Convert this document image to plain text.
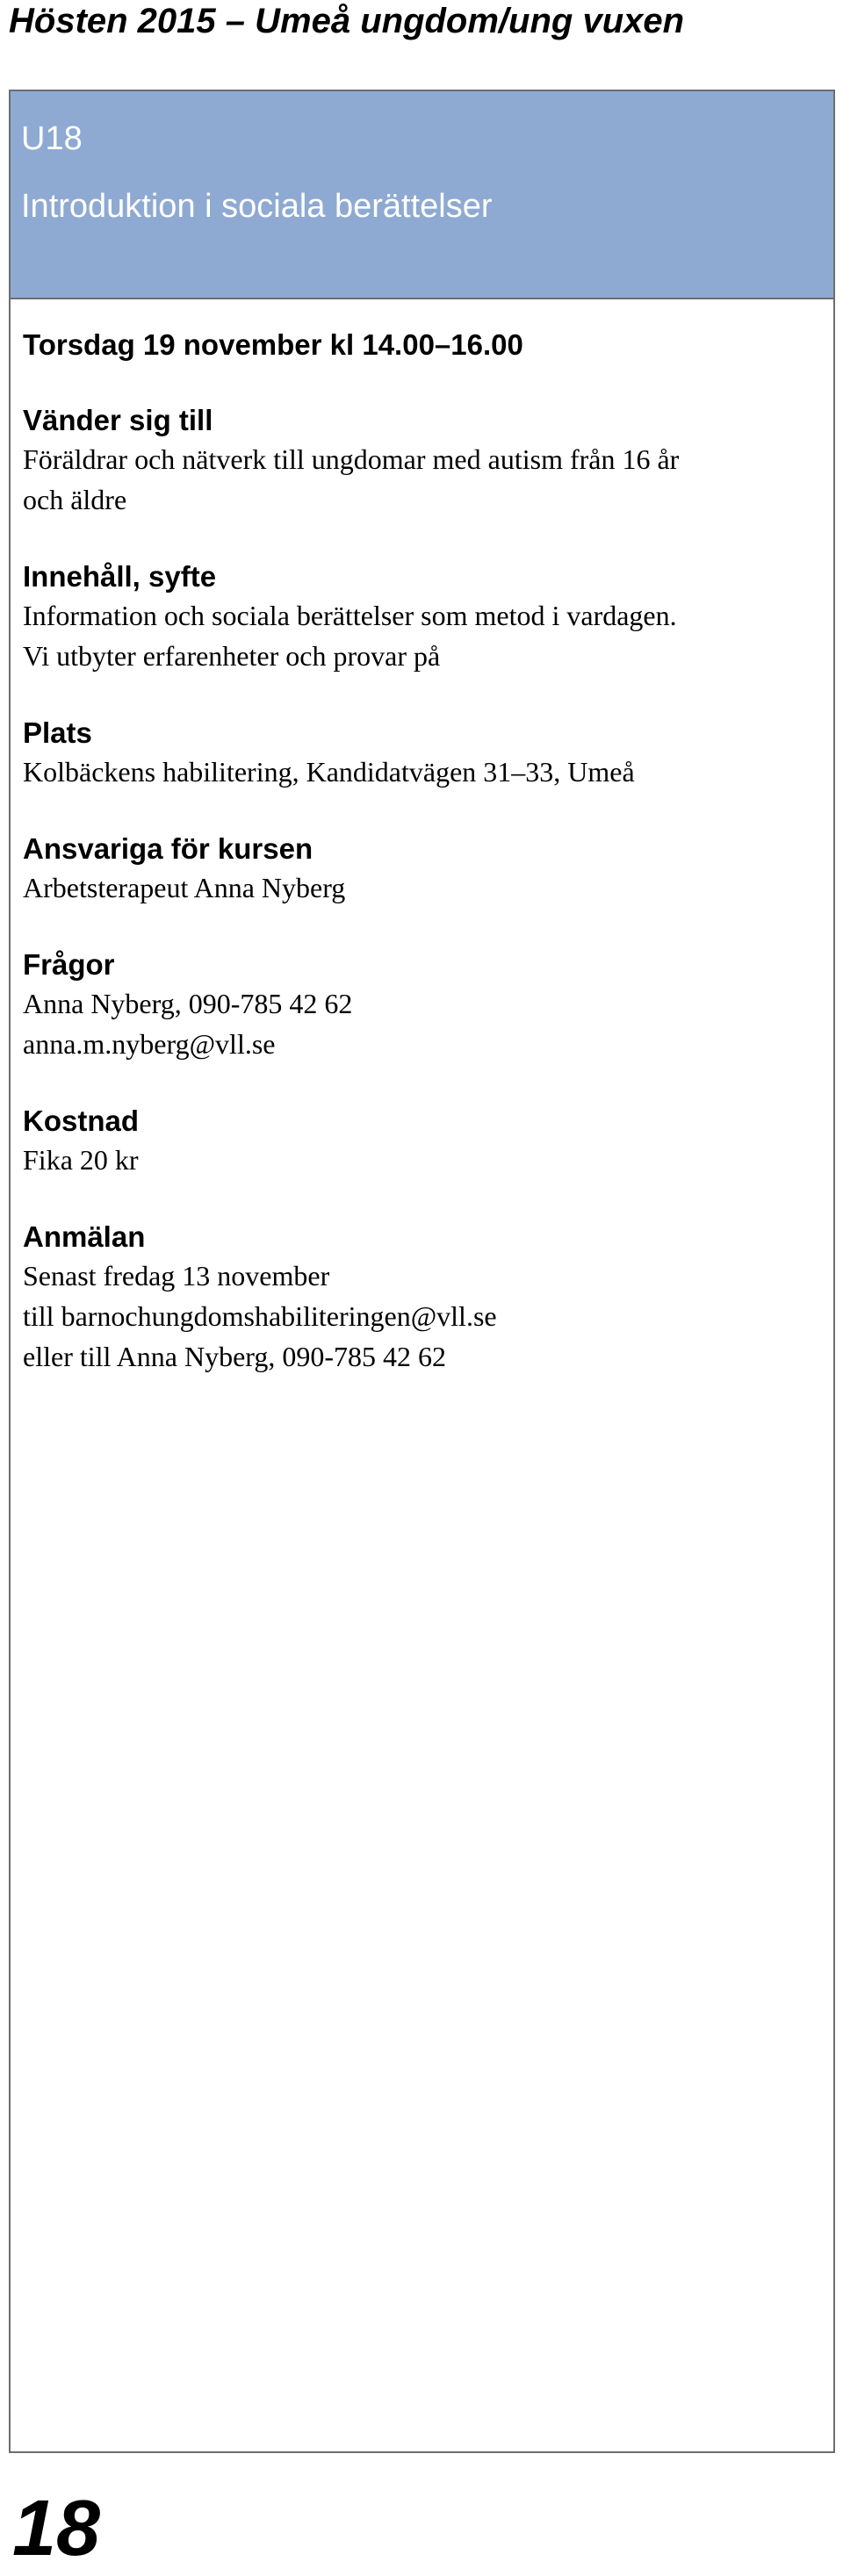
Hösten 2015 – Umeå ungdom/ung vuxen
U18
Introduktion i sociala berättelser

Torsdag 19 november kl 14.00–16.00

Vänder sig till

Föräldrar och nätverk till ungdomar med autism från 16 år

och äldre

Innehåll, syfte

Information och sociala berättelser som metod i vardagen.

Vi utbyter erfarenheter och provar på

Plats

Kolbäckens habilitering, Kandidatvägen 31–33, Umeå

Ansvariga för kursen

Arbetsterapeut Anna Nyberg

Frågor

Anna Nyberg, 090-785 42 62

anna.m.nyberg@vll.se

Kostnad

Fika 20 kr

Anmälan

Senast fredag 13 november

till barnochungdomshabiliteringen@vll.se

eller till Anna Nyberg, 090-785 42 62

18
